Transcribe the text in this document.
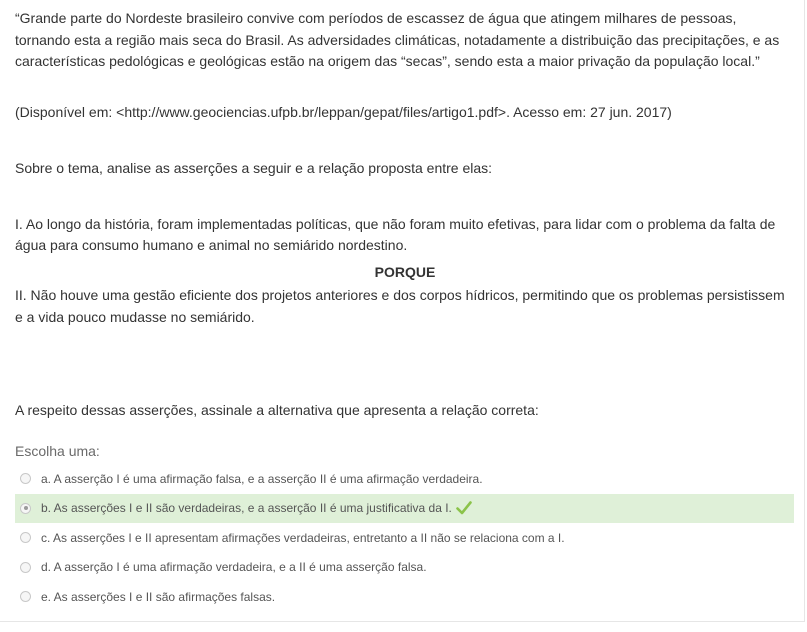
“Grande parte do Nordeste brasileiro convive com períodos de escassez de água que atingem milhares de pessoas, tornando esta a região mais seca do Brasil. As adversidades climáticas, notadamente a distribuição das precipitações, e as características pedológicas e geológicas estão na origem das “secas”, sendo esta a maior privação da população local.”

(Disponível em: <http://www.geociencias.ufpb.br/leppan/gepat/files/artigo1.pdf>. Acesso em: 27 jun. 2017)

Sobre o tema, analise as asserções a seguir e a relação proposta entre elas:

I. Ao longo da história, foram implementadas políticas, que não foram muito efetivas, para lidar com o problema da falta de água para consumo humano e animal no semiárido nordestino.

PORQUE

II. Não houve uma gestão eficiente dos projetos anteriores e dos corpos hídricos, permitindo que os problemas persistissem e a vida pouco mudasse no semiárido.

A respeito dessas asserções, assinale a alternativa que apresenta a relação correta:
Escolha uma:
a. A asserção I é uma afirmação falsa, e a asserção II é uma afirmação verdadeira.
b. As asserções I e II são verdadeiras, e a asserção II é uma justificativa da I.
c. As asserções I e II apresentam afirmações verdadeiras, entretanto a II não se relaciona com a I.
d. A asserção I é uma afirmação verdadeira, e a II é uma asserção falsa.
e. As asserções I e II são afirmações falsas.
